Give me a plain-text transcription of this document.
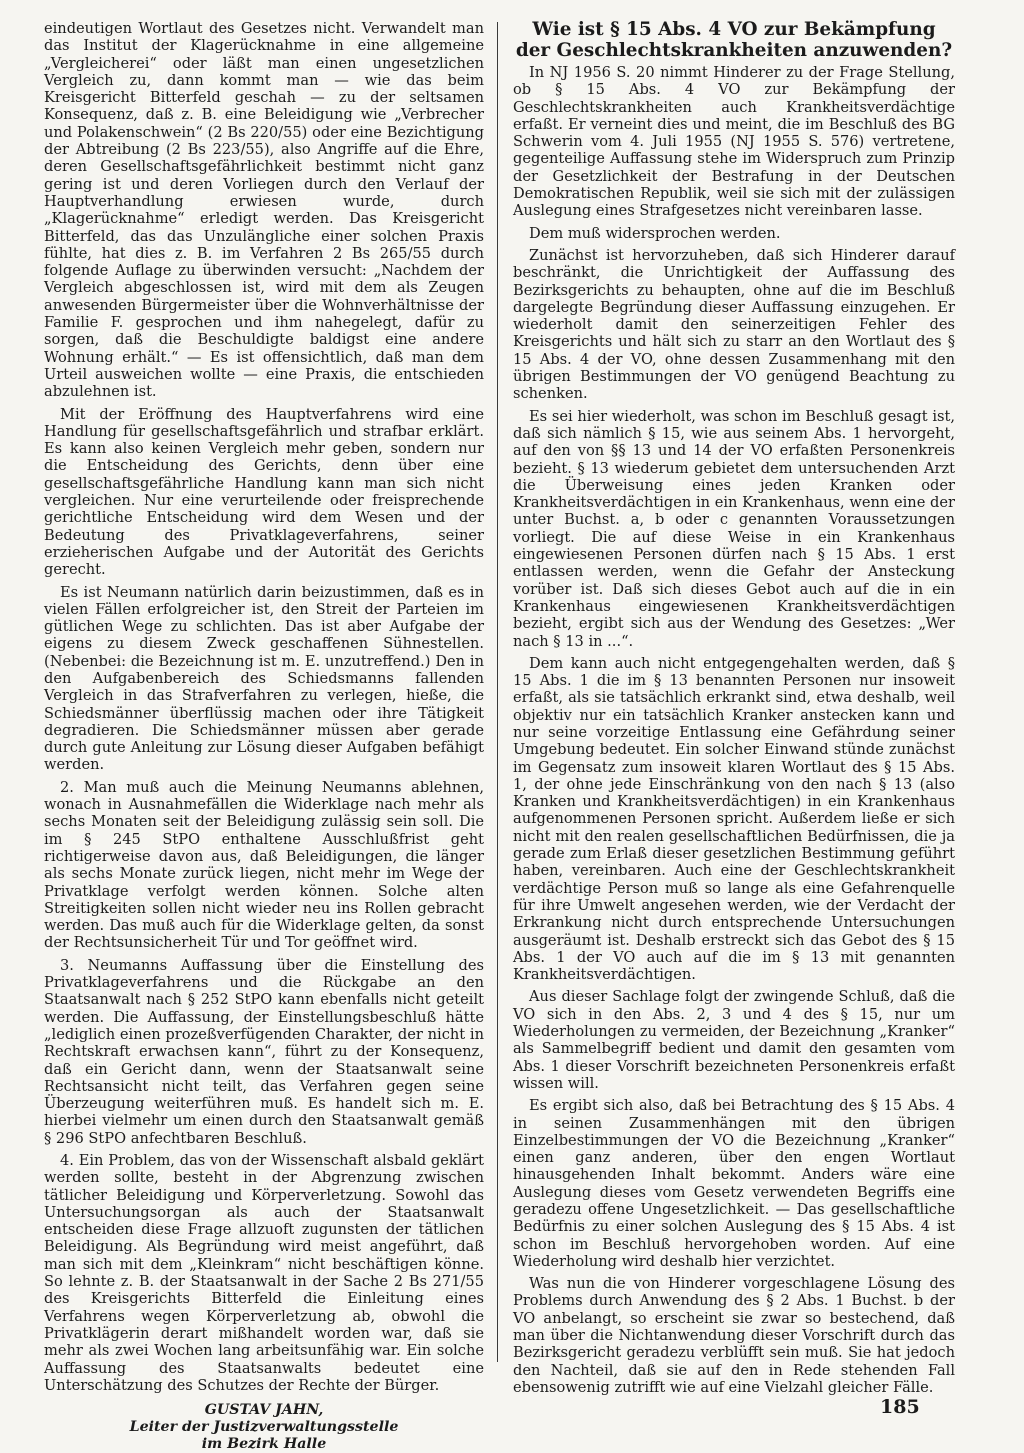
eindeutigen Wortlaut des Gesetzes nicht. Verwandelt man das Institut der Klagerücknahme in eine allgemeine „Vergleicherei“ oder läßt man einen ungesetzlichen Vergleich zu, dann kommt man — wie das beim Kreisgericht Bitterfeld geschah — zu der seltsamen Konsequenz, daß z. B. eine Beleidigung wie „Verbrecher und Polakenschwein“ (2 Bs 220/55) oder eine Bezichtigung der Abtreibung (2 Bs 223/55), also Angriffe auf die Ehre, deren Gesellschaftsgefährlichkeit bestimmt nicht ganz gering ist und deren Vorliegen durch den Verlauf der Hauptverhandlung erwiesen wurde, durch „Klagerücknahme“ erledigt werden. Das Kreisgericht Bitterfeld, das das Unzulängliche einer solchen Praxis fühlte, hat dies z. B. im Verfahren 2 Bs 265/55 durch folgende Auflage zu überwinden versucht: „Nachdem der Vergleich abgeschlossen ist, wird mit dem als Zeugen anwesenden Bürgermeister über die Wohnverhältnisse der Familie F. gesprochen und ihm nahegelegt, dafür zu sorgen, daß die Beschuldigte baldigst eine andere Wohnung erhält.“ — Es ist offensichtlich, daß man dem Urteil ausweichen wollte — eine Praxis, die entschieden abzulehnen ist.

Mit der Eröffnung des Hauptverfahrens wird eine Handlung für gesellschaftsgefährlich und strafbar erklärt. Es kann also keinen Vergleich mehr geben, sondern nur die Entscheidung des Gerichts, denn über eine gesellschaftsgefährliche Handlung kann man sich nicht vergleichen. Nur eine verurteilende oder freisprechende gerichtliche Entscheidung wird dem Wesen und der Bedeutung des Privatklageverfahrens, seiner erzieherischen Aufgabe und der Autorität des Gerichts gerecht.

Es ist Neumann natürlich darin beizustimmen, daß es in vielen Fällen erfolgreicher ist, den Streit der Parteien im gütlichen Wege zu schlichten. Das ist aber Aufgabe der eigens zu diesem Zweck geschaffenen Sühnestellen. (Nebenbei: die Bezeichnung ist m. E. unzutreffend.) Den in den Aufgabenbereich des Schiedsmanns fallenden Vergleich in das Strafverfahren zu verlegen, hieße, die Schiedsmänner überflüssig machen oder ihre Tätigkeit degradieren. Die Schiedsmänner müssen aber gerade durch gute Anleitung zur Lösung dieser Aufgaben befähigt werden.

2. Man muß auch die Meinung Neumanns ablehnen, wonach in Ausnahmefällen die Widerklage nach mehr als sechs Monaten seit der Beleidigung zulässig sein soll. Die im § 245 StPO enthaltene Ausschlußfrist geht richtigerweise davon aus, daß Beleidigungen, die länger als sechs Monate zurück liegen, nicht mehr im Wege der Privatklage verfolgt werden können. Solche alten Streitigkeiten sollen nicht wieder neu ins Rollen gebracht werden. Das muß auch für die Widerklage gelten, da sonst der Rechtsunsicherheit Tür und Tor geöffnet wird.

3. Neumanns Auffassung über die Einstellung des Privatklageverfahrens und die Rückgabe an den Staatsanwalt nach § 252 StPO kann ebenfalls nicht geteilt werden. Die Auffassung, der Einstellungsbeschluß hätte „lediglich einen prozeßverfügenden Charakter, der nicht in Rechtskraft erwachsen kann“, führt zu der Konsequenz, daß ein Gericht dann, wenn der Staatsanwalt seine Rechtsansicht nicht teilt, das Verfahren gegen seine Überzeugung weiterführen muß. Es handelt sich m. E. hierbei vielmehr um einen durch den Staatsanwalt gemäß § 296 StPO anfechtbaren Beschluß.

4. Ein Problem, das von der Wissenschaft alsbald geklärt werden sollte, besteht in der Abgrenzung zwischen tätlicher Beleidigung und Körperverletzung. Sowohl das Untersuchungsorgan als auch der Staatsanwalt entscheiden diese Frage allzuoft zugunsten der tätlichen Beleidigung. Als Begründung wird meist angeführt, daß man sich mit dem „Kleinkram“ nicht beschäftigen könne. So lehnte z. B. der Staatsanwalt in der Sache 2 Bs 271/55 des Kreisgerichts Bitterfeld die Einleitung eines Verfahrens wegen Körperverletzung ab, obwohl die Privatklägerin derart mißhandelt worden war, daß sie mehr als zwei Wochen lang arbeitsunfähig war. Ein solche Auffassung des Staatsanwalts bedeutet eine Unterschätzung des Schutzes der Rechte der Bürger.

GUSTAV JAHN,
Leiter der Justizverwaltungsstelle
im Bezirk Halle
Wie ist § 15 Abs. 4 VO zur Bekämpfung der Geschlechtskrankheiten anzuwenden?

In NJ 1956 S. 20 nimmt Hinderer zu der Frage Stellung, ob § 15 Abs. 4 VO zur Bekämpfung der Geschlechtskrankheiten auch Krankheitsverdächtige erfaßt. Er verneint dies und meint, die im Beschluß des BG Schwerin vom 4. Juli 1955 (NJ 1955 S. 576) vertretene, gegenteilige Auffassung stehe im Widerspruch zum Prinzip der Gesetzlichkeit der Bestrafung in der Deutschen Demokratischen Republik, weil sie sich mit der zulässigen Auslegung eines Strafgesetzes nicht vereinbaren lasse.

Dem muß widersprochen werden.

Zunächst ist hervorzuheben, daß sich Hinderer darauf beschränkt, die Unrichtigkeit der Auffassung des Bezirksgerichts zu behaupten, ohne auf die im Beschluß dargelegte Begründung dieser Auffassung einzugehen. Er wiederholt damit den seinerzeitigen Fehler des Kreisgerichts und hält sich zu starr an den Wortlaut des § 15 Abs. 4 der VO, ohne dessen Zusammenhang mit den übrigen Bestimmungen der VO genügend Beachtung zu schenken.

Es sei hier wiederholt, was schon im Beschluß gesagt ist, daß sich nämlich § 15, wie aus seinem Abs. 1 hervorgeht, auf den von §§ 13 und 14 der VO erfaßten Personenkreis bezieht. § 13 wiederum gebietet dem untersuchenden Arzt die Überweisung eines jeden Kranken oder Krankheitsverdächtigen in ein Krankenhaus, wenn eine der unter Buchst. a, b oder c genannten Voraussetzungen vorliegt. Die auf diese Weise in ein Krankenhaus eingewiesenen Personen dürfen nach § 15 Abs. 1 erst entlassen werden, wenn die Gefahr der Ansteckung vorüber ist. Daß sich dieses Gebot auch auf die in ein Krankenhaus eingewiesenen Krankheitsverdächtigen bezieht, ergibt sich aus der Wendung des Gesetzes: „Wer nach § 13 in ...“.

Dem kann auch nicht entgegengehalten werden, daß § 15 Abs. 1 die im § 13 benannten Personen nur insoweit erfaßt, als sie tatsächlich erkrankt sind, etwa deshalb, weil objektiv nur ein tatsächlich Kranker anstecken kann und nur seine vorzeitige Entlassung eine Gefährdung seiner Umgebung bedeutet. Ein solcher Einwand stünde zunächst im Gegensatz zum insoweit klaren Wortlaut des § 15 Abs. 1, der ohne jede Einschränkung von den nach § 13 (also Kranken und Krankheitsverdächtigen) in ein Krankenhaus aufgenommenen Personen spricht. Außerdem ließe er sich nicht mit den realen gesellschaftlichen Bedürfnissen, die ja gerade zum Erlaß dieser gesetzlichen Bestimmung geführt haben, vereinbaren. Auch eine der Geschlechtskrankheit verdächtige Person muß so lange als eine Gefahrenquelle für ihre Umwelt angesehen werden, wie der Verdacht der Erkrankung nicht durch entsprechende Untersuchungen ausgeräumt ist. Deshalb erstreckt sich das Gebot des § 15 Abs. 1 der VO auch auf die im § 13 mit genannten Krankheitsverdächtigen.

Aus dieser Sachlage folgt der zwingende Schluß, daß die VO sich in den Abs. 2, 3 und 4 des § 15, nur um Wiederholungen zu vermeiden, der Bezeichnung „Kranker“ als Sammelbegriff bedient und damit den gesamten vom Abs. 1 dieser Vorschrift bezeichneten Personenkreis erfaßt wissen will.

Es ergibt sich also, daß bei Betrachtung des § 15 Abs. 4 in seinen Zusammenhängen mit den übrigen Einzelbestimmungen der VO die Bezeichnung „Kranker“ einen ganz anderen, über den engen Wortlaut hinausgehenden Inhalt bekommt. Anders wäre eine Auslegung dieses vom Gesetz verwendeten Begriffs eine geradezu offene Ungesetzlichkeit. — Das gesellschaftliche Bedürfnis zu einer solchen Auslegung des § 15 Abs. 4 ist schon im Beschluß hervorgehoben worden. Auf eine Wiederholung wird deshalb hier verzichtet.

Was nun die von Hinderer vorgeschlagene Lösung des Problems durch Anwendung des § 2 Abs. 1 Buchst. b der VO anbelangt, so erscheint sie zwar so bestechend, daß man über die Nichtanwendung dieser Vorschrift durch das Bezirksgericht geradezu verblüfft sein muß. Sie hat jedoch den Nachteil, daß sie auf den in Rede stehenden Fall ebensowenig zutrifft wie auf eine Vielzahl gleicher Fälle.

185
